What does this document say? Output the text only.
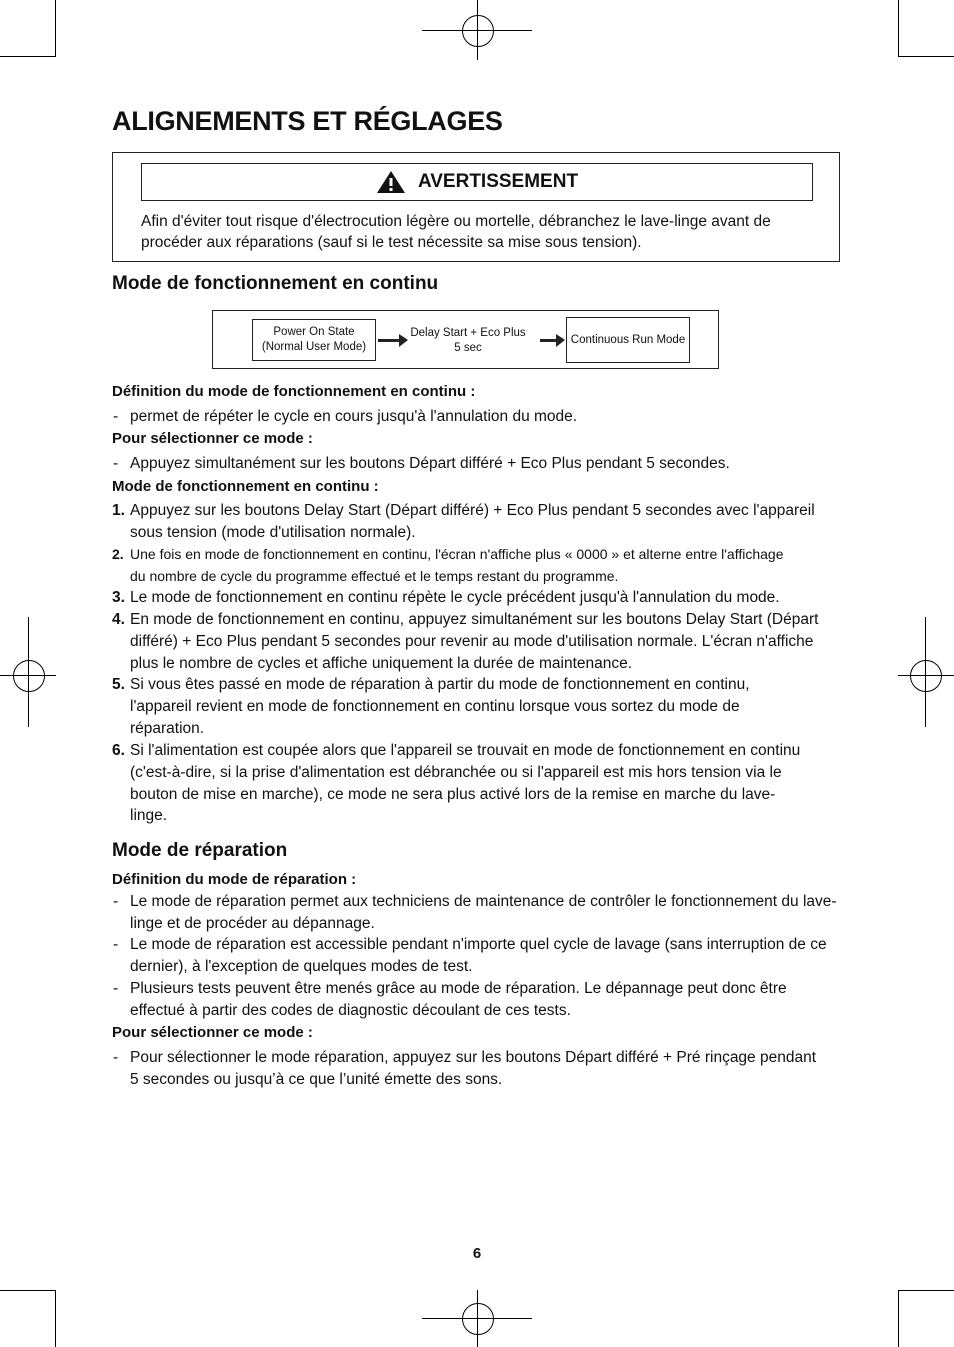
ALIGNEMENTS ET RÉGLAGES
AVERTISSEMENT
Afin d'éviter tout risque d'électrocution légère ou mortelle, débranchez le lave-linge avant de procéder aux réparations (sauf si le test nécessite sa mise sous tension).
Mode de fonctionnement en continu
Power On State
(Normal User Mode)
Delay Start + Eco Plus
5 sec
Continuous Run Mode
Définition du mode de fonctionnement en continu :
- permet de répéter le cycle en cours jusqu'à l'annulation du mode.
Pour sélectionner ce mode :
- Appuyez simultanément sur les boutons Départ différé + Eco Plus pendant 5 secondes.
Mode de fonctionnement en continu :
1. Appuyez sur les boutons Delay Start (Départ différé) + Eco Plus pendant 5 secondes avec l'appareil sous tension (mode d'utilisation normale).
2. Une fois en mode de fonctionnement en continu, l'écran n'affiche plus « 0000 » et alterne entre l'affichage du nombre de cycle du programme effectué et le temps restant du programme.
3. Le mode de fonctionnement en continu répète le cycle précédent jusqu'à l'annulation du mode.
4. En mode de fonctionnement en continu, appuyez simultanément sur les boutons Delay Start (Départ différé) + Eco Plus pendant 5 secondes pour revenir au mode d'utilisation normale. L'écran n'affiche plus le nombre de cycles et affiche uniquement la durée de maintenance.
5. Si vous êtes passé en mode de réparation à partir du mode de fonctionnement en continu, l'appareil revient en mode de fonctionnement en continu lorsque vous sortez du mode de réparation.
6. Si l'alimentation est coupée alors que l'appareil se trouvait en mode de fonctionnement en continu (c'est-à-dire, si la prise d'alimentation est débranchée ou si l'appareil est mis hors tension via le bouton de mise en marche), ce mode ne sera plus activé lors de la remise en marche du lave-linge.
Mode de réparation
Définition du mode de réparation :
- Le mode de réparation permet aux techniciens de maintenance de contrôler le fonctionnement du lave-linge et de procéder au dépannage.
- Le mode de réparation est accessible pendant n'importe quel cycle de lavage (sans interruption de ce dernier), à l'exception de quelques modes de test.
- Plusieurs tests peuvent être menés grâce au mode de réparation. Le dépannage peut donc être effectué à partir des codes de diagnostic découlant de ces tests.
Pour sélectionner ce mode :
- Pour sélectionner le mode réparation, appuyez sur les boutons Départ différé + Pré rinçage pendant 5 secondes ou jusqu’à ce que l’unité émette des sons.
6
